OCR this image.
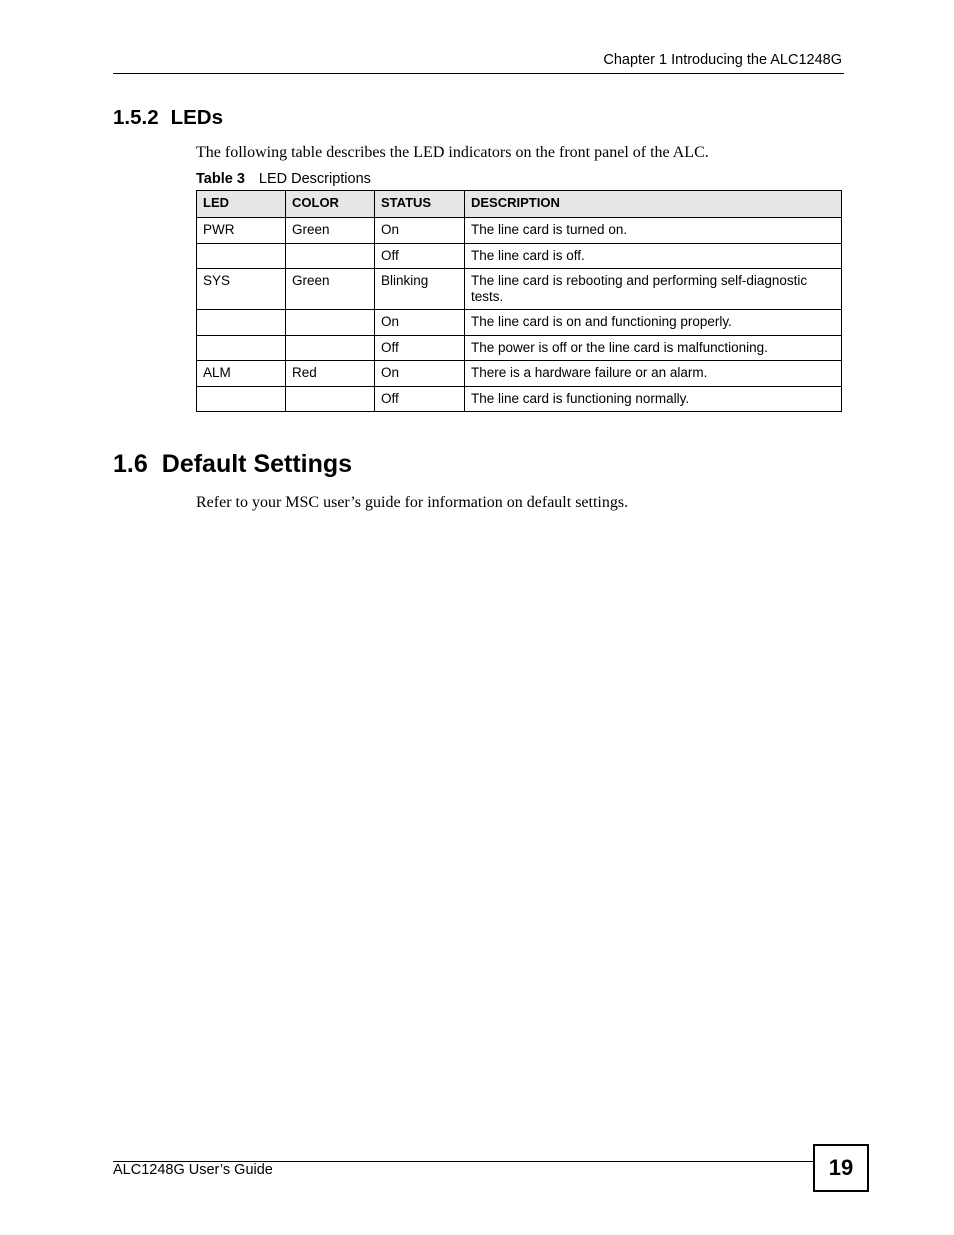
Chapter 1 Introducing the ALC1248G
1.5.2 LEDs

The following table describes the LED indicators on the front panel of the ALC.

Table 3 LED Descriptions
LED	COLOR	STATUS	DESCRIPTION
PWR	Green	On	The line card is turned on.
		Off	The line card is off.
SYS	Green	Blinking	The line card is rebooting and performing self-diagnostic tests.
		On	The line card is on and functioning properly.
		Off	The power is off or the line card is malfunctioning.
ALM	Red	On	There is a hardware failure or an alarm.
		Off	The line card is functioning normally.
1.6 Default Settings

Refer to your MSC user’s guide for information on default settings.

ALC1248G User’s Guide	19
